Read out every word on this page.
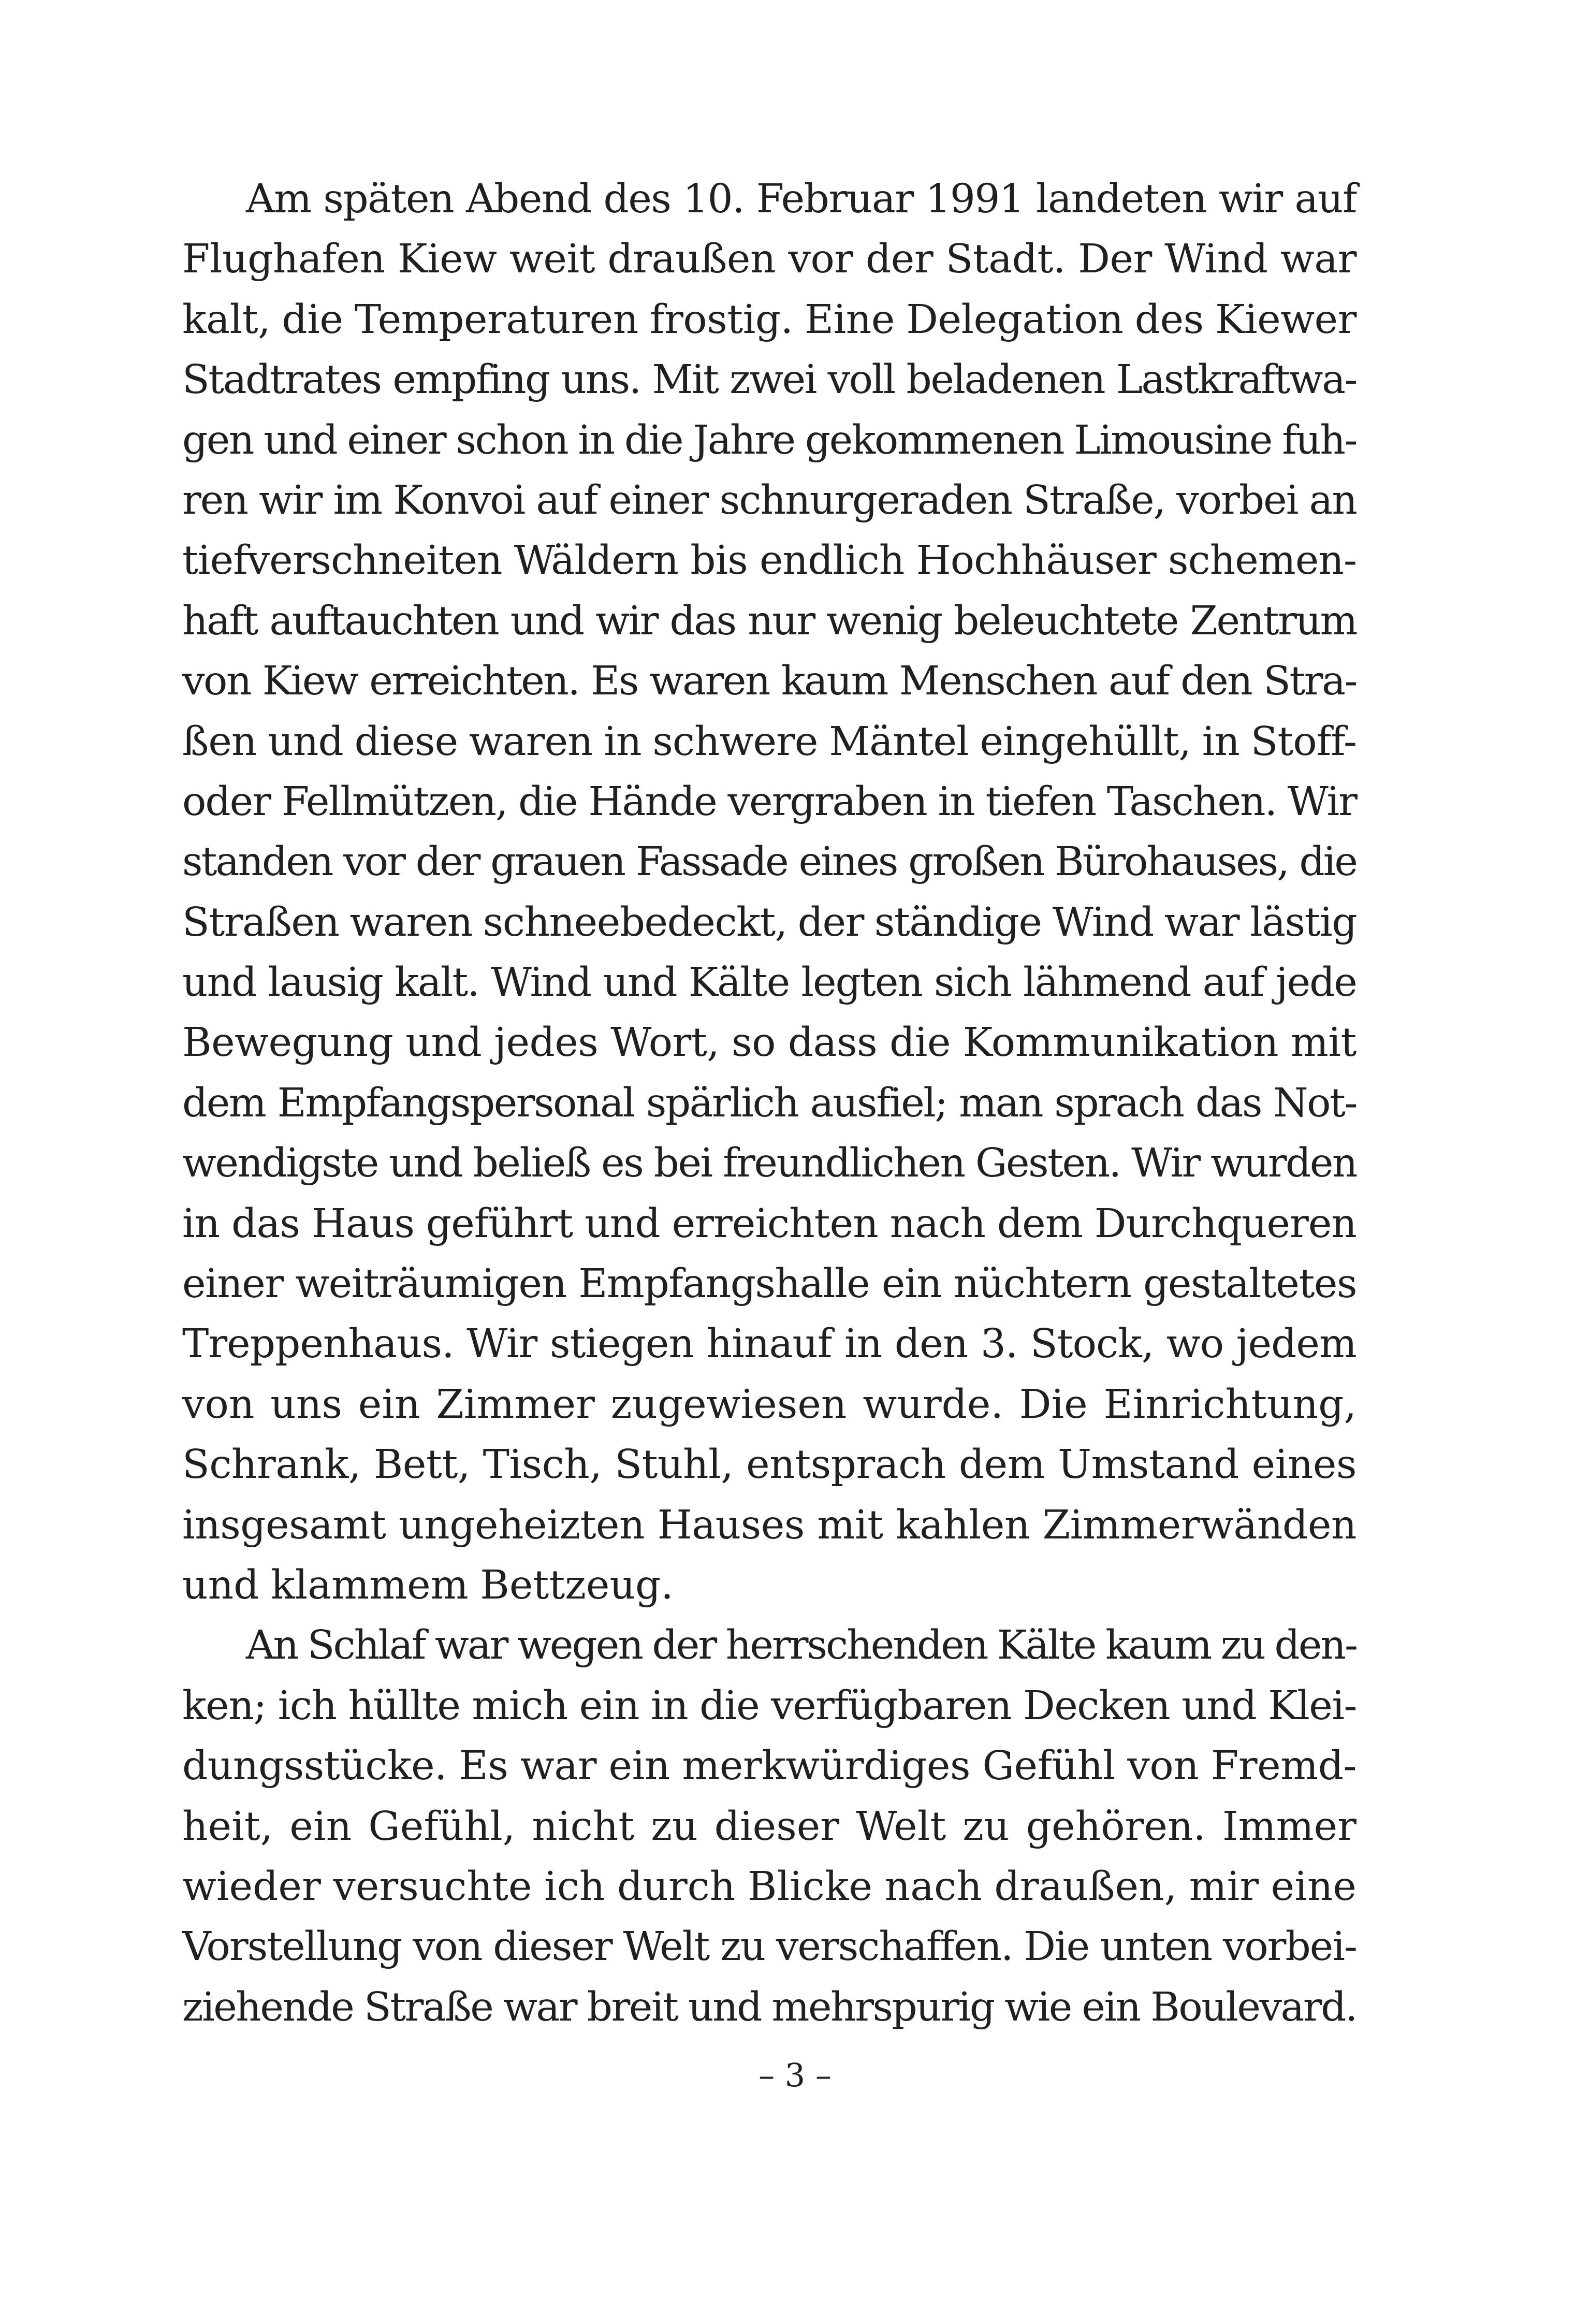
Am späten Abend des 10. Februar 1991 landeten wir auf
Flughafen Kiew weit draußen vor der Stadt. Der Wind war
kalt, die Temperaturen frostig. Eine Delegation des Kiewer
Stadtrates empfing uns. Mit zwei voll beladenen Lastkraftwa-
gen und einer schon in die Jahre gekommenen Limousine fuh-
ren wir im Konvoi auf einer schnurgeraden Straße, vorbei an
tiefverschneiten Wäldern bis endlich Hochhäuser schemen-
haft auftauchten und wir das nur wenig beleuchtete Zentrum
von Kiew erreichten. Es waren kaum Menschen auf den Stra-
ßen und diese waren in schwere Mäntel eingehüllt, in Stoff-
oder Fellmützen, die Hände vergraben in tiefen Taschen. Wir
standen vor der grauen Fassade eines großen Bürohauses, die
Straßen waren schneebedeckt, der ständige Wind war lästig
und lausig kalt. Wind und Kälte legten sich lähmend auf jede
Bewegung und jedes Wort, so dass die Kommunikation mit
dem Empfangspersonal spärlich ausfiel; man sprach das Not-
wendigste und beließ es bei freundlichen Gesten. Wir wurden
in das Haus geführt und erreichten nach dem Durchqueren
einer weiträumigen Empfangshalle ein nüchtern gestaltetes
Treppenhaus. Wir stiegen hinauf in den 3. Stock, wo jedem
von uns ein Zimmer zugewiesen wurde. Die Einrichtung,
Schrank, Bett, Tisch, Stuhl, entsprach dem Umstand eines
insgesamt ungeheizten Hauses mit kahlen Zimmerwänden
und klammem Bettzeug.
An Schlaf war wegen der herrschenden Kälte kaum zu den-
ken; ich hüllte mich ein in die verfügbaren Decken und Klei-
dungsstücke. Es war ein merkwürdiges Gefühl von Fremd-
heit, ein Gefühl, nicht zu dieser Welt zu gehören. Immer
wieder versuchte ich durch Blicke nach draußen, mir eine
Vorstellung von dieser Welt zu verschaffen. Die unten vorbei-
ziehende Straße war breit und mehrspurig wie ein Boulevard.
– 3 –
